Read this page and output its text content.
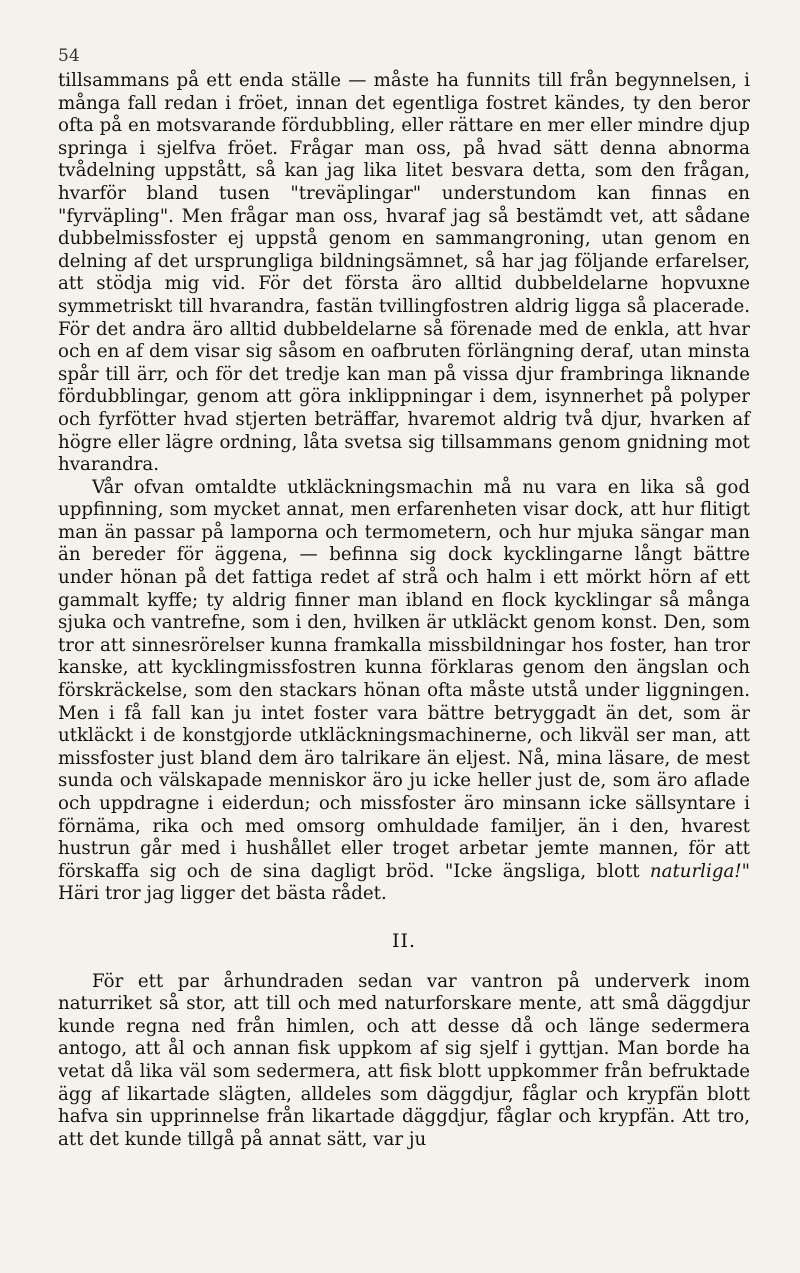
54

tillsammans på ett enda ställe — måste ha funnits till från begynnelsen, i många fall redan i fröet, innan det egentliga fostret kändes, ty den beror ofta på en motsvarande fördubbling, eller rättare en mer eller mindre djup springa i sjelfva fröet. Frågar man oss, på hvad sätt denna abnorma tvådelning uppstått, så kan jag lika litet besvara detta, som den frågan, hvarför bland tusen "treväplingar" understundom kan finnas en "fyrväpling". Men frågar man oss, hvaraf jag så bestämdt vet, att sådane dubbelmissfoster ej uppstå genom en sammangroning, utan genom en delning af det ursprungliga bildningsämnet, så har jag följande erfarelser, att stödja mig vid. För det första äro alltid dubbeldelarne hopvuxne symmetriskt till hvarandra, fastän tvillingfostren aldrig ligga så placerade. För det andra äro alltid dubbeldelarne så förenade med de enkla, att hvar och en af dem visar sig såsom en oafbruten förlängning deraf, utan minsta spår till ärr, och för det tredje kan man på vissa djur frambringa liknande fördubblingar, genom att göra inklippningar i dem, isynnerhet på polyper och fyrfötter hvad stjerten beträffar, hvaremot aldrig två djur, hvarken af högre eller lägre ordning, låta svetsa sig tillsammans genom gnidning mot hvarandra.

Vår ofvan omtaldte utkläckningsmachin må nu vara en lika så god uppfinning, som mycket annat, men erfarenheten visar dock, att hur flitigt man än passar på lamporna och termometern, och hur mjuka sängar man än bereder för äggena, — befinna sig dock kycklingarne långt bättre under hönan på det fattiga redet af strå och halm i ett mörkt hörn af ett gammalt kyffe; ty aldrig finner man ibland en flock kycklingar så många sjuka och vantrefne, som i den, hvilken är utkläckt genom konst. Den, som tror att sinnesrörelser kunna framkalla missbildningar hos foster, han tror kanske, att kycklingmissfostren kunna förklaras genom den ängslan och förskräckelse, som den stackars hönan ofta måste utstå under liggningen. Men i få fall kan ju intet foster vara bättre betryggadt än det, som är utkläckt i de konstgjorde utkläckningsmachinerne, och likväl ser man, att missfoster just bland dem äro talrikare än eljest. Nå, mina läsare, de mest sunda och välskapade menniskor äro ju icke heller just de, som äro aflade och uppdragne i eiderdun; och missfoster äro minsann icke sällsyntare i förnäma, rika och med omsorg omhuldade familjer, än i den, hvarest hustrun går med i hushållet eller troget arbetar jemte mannen, för att förskaffa sig och de sina dagligt bröd. "Icke ängsliga, blott naturliga!" Häri tror jag ligger det bästa rådet.

II.

För ett par århundraden sedan var vantron på underverk inom naturriket så stor, att till och med naturforskare mente, att små däggdjur kunde regna ned från himlen, och att desse då och länge sedermera antogo, att ål och annan fisk uppkom af sig sjelf i gyttjan. Man borde ha vetat då lika väl som sedermera, att fisk blott uppkommer från befruktade ägg af likartade slägten, alldeles som däggdjur, fåglar och krypfän blott hafva sin upprinnelse från likartade däggdjur, fåglar och krypfän. Att tro, att det kunde tillgå på annat sätt, var ju
